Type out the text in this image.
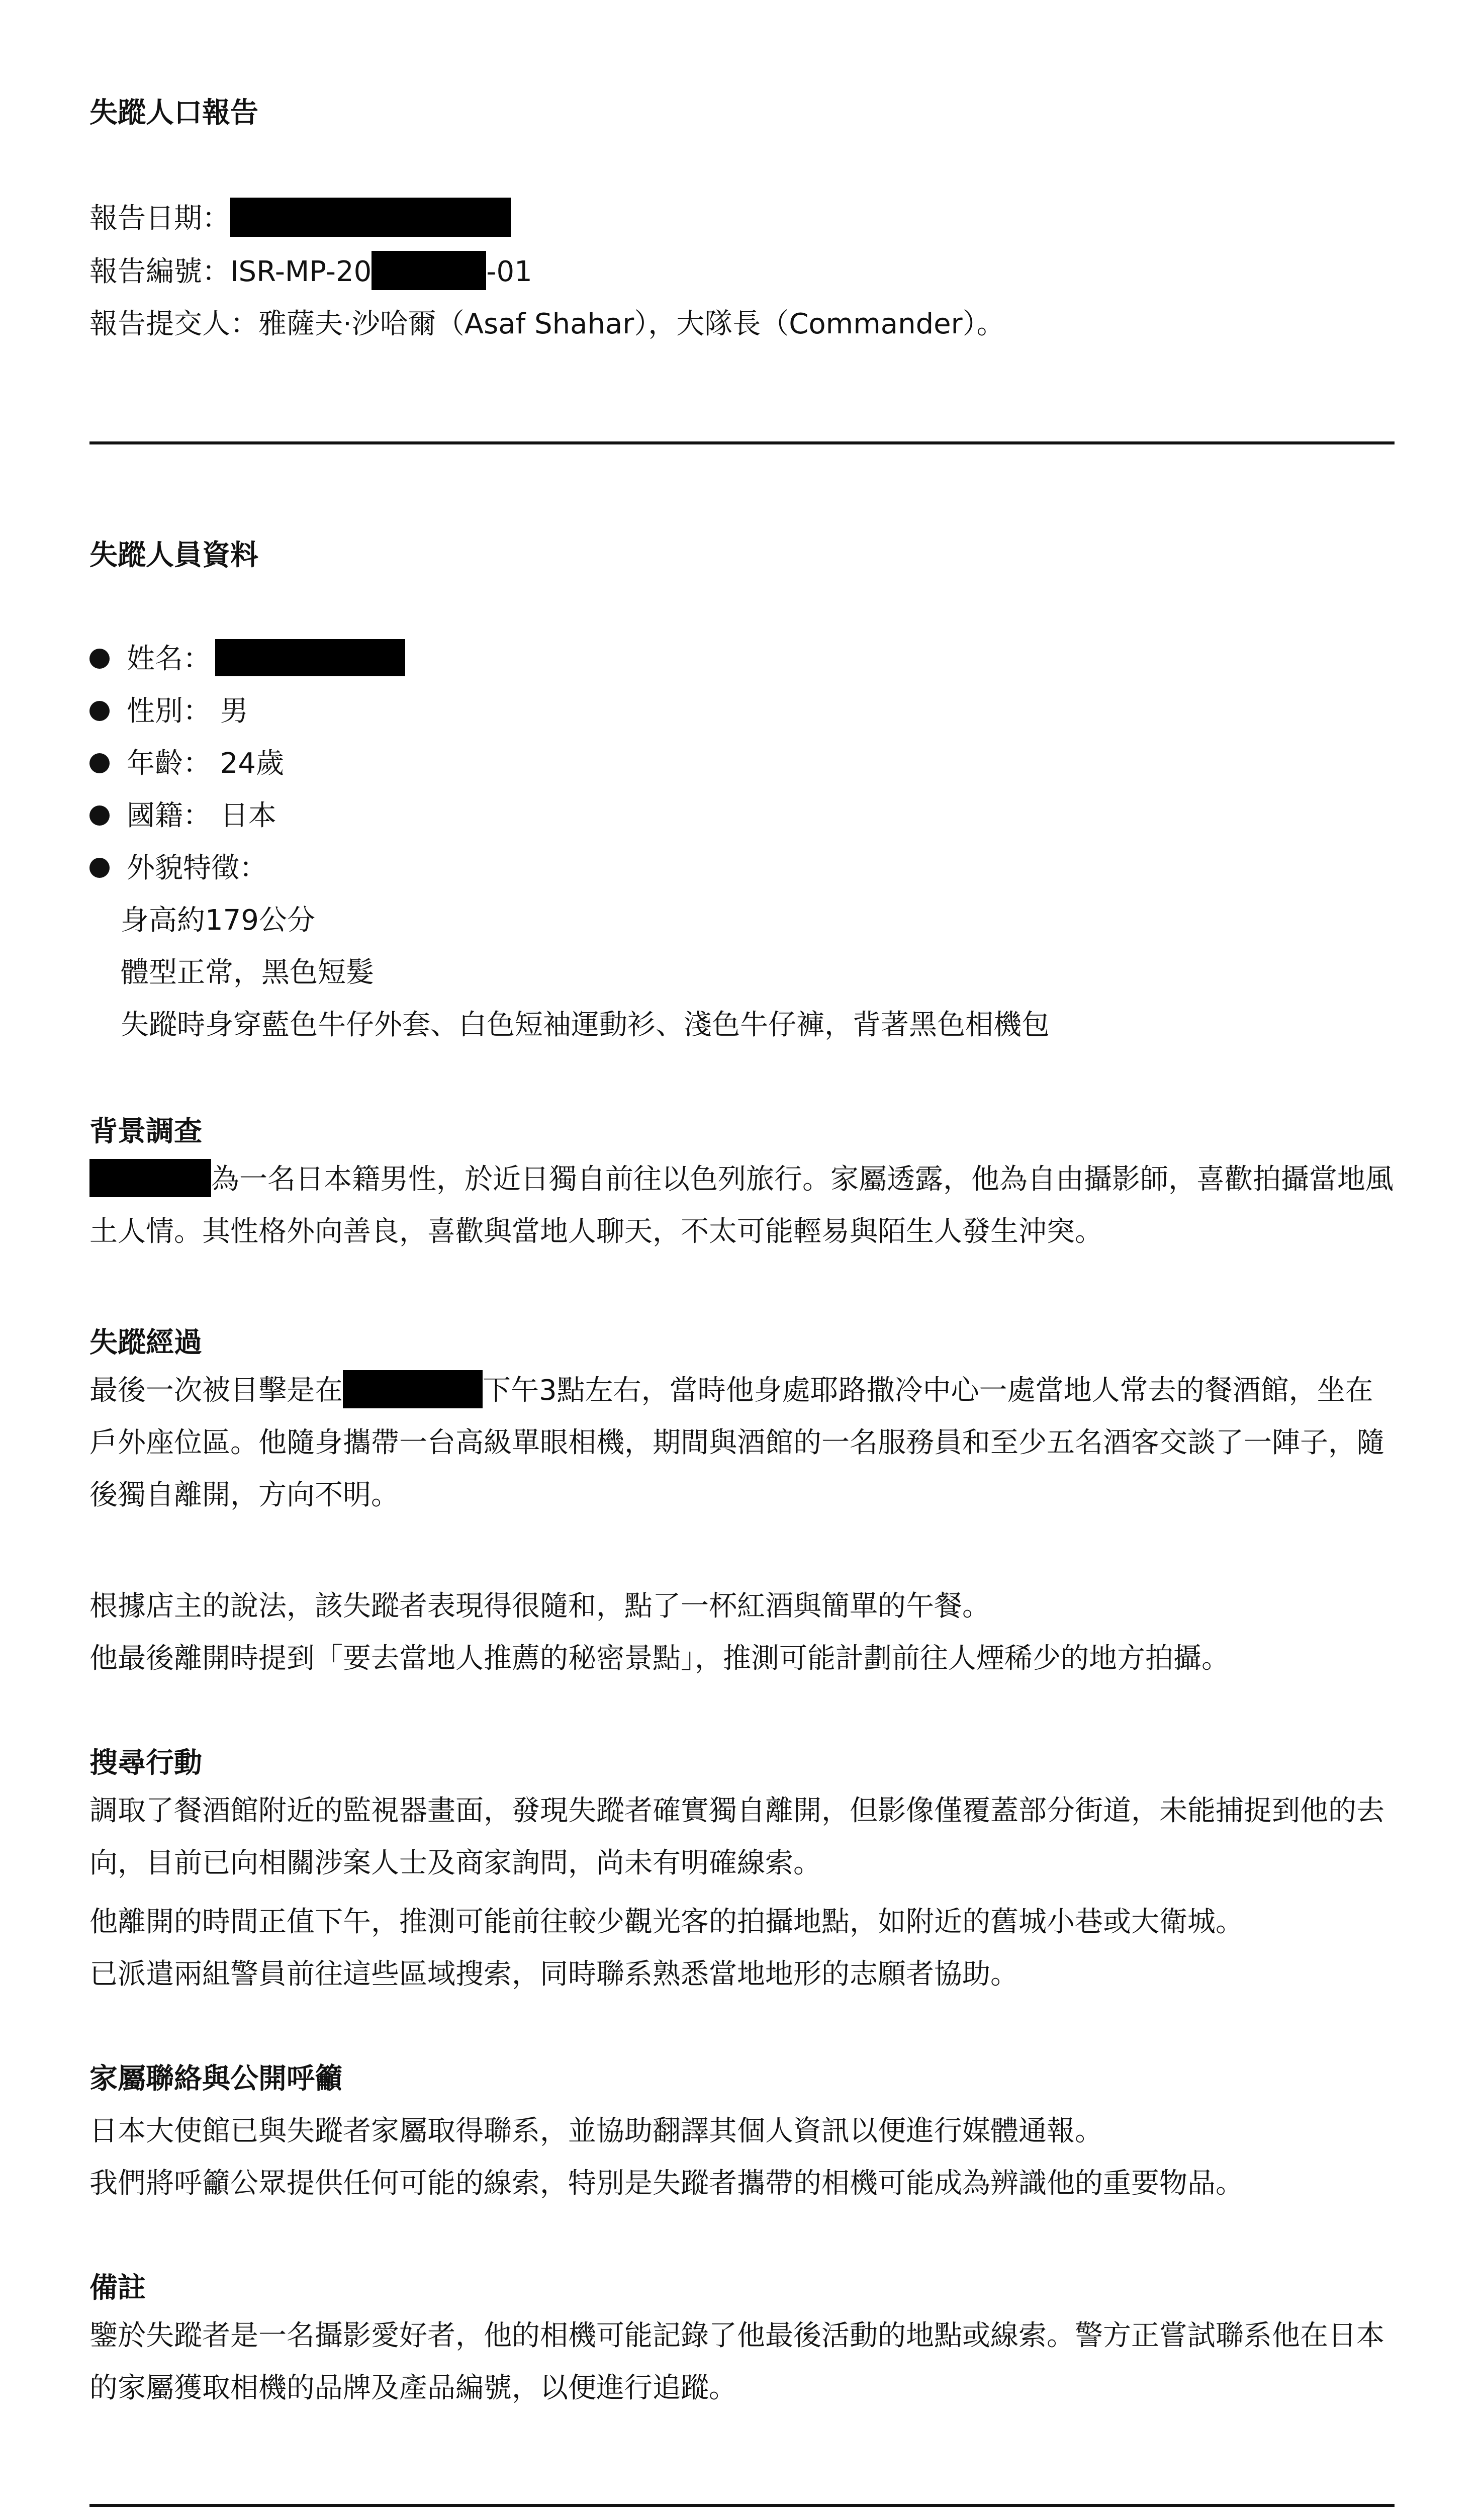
失蹤人口報告
報告日期：
報告編號：ISR-MP-20	-01
報告提交人：雅薩夫·沙哈爾（Asaf Shahar），大隊長（Commander）。
失蹤人員資料
姓名：
性別： 男
年齡： 24歲
國籍： 日本
外貌特徵：
身高約179公分
體型正常，黑色短髮
失蹤時身穿藍色牛仔外套、白色短袖運動衫、淺色牛仔褲，背著黑色相機包
背景調查
為一名日本籍男性，於近日獨自前往以色列旅行。家屬透露，他為自由攝影師，喜歡拍攝當地風土人情。其性格外向善良，喜歡與當地人聊天，不太可能輕易與陌生人發生沖突。
失蹤經過
最後一次被目擊是在	下午3點左右，當時他身處耶路撒冷中心一處當地人常去的餐酒館，坐在戶外座位區。他隨身攜帶一台高級單眼相機，期間與酒館的一名服務員和至少五名酒客交談了一陣子，隨後獨自離開，方向不明。
根據店主的說法，該失蹤者表現得很隨和，點了一杯紅酒與簡單的午餐。
他最後離開時提到「要去當地人推薦的秘密景點」，推測可能計劃前往人煙稀少的地方拍攝。
搜尋行動
調取了餐酒館附近的監視器畫面，發現失蹤者確實獨自離開，但影像僅覆蓋部分街道，未能捕捉到他的去向，目前已向相關涉案人士及商家詢問，尚未有明確線索。
他離開的時間正值下午，推測可能前往較少觀光客的拍攝地點，如附近的舊城小巷或大衛城。
已派遣兩組警員前往這些區域搜索，同時聯系熟悉當地地形的志願者協助。
家屬聯絡與公開呼籲
日本大使館已與失蹤者家屬取得聯系，並協助翻譯其個人資訊以便進行媒體通報。
我們將呼籲公眾提供任何可能的線索，特別是失蹤者攜帶的相機可能成為辨識他的重要物品。
備註
鑒於失蹤者是一名攝影愛好者，他的相機可能記錄了他最後活動的地點或線索。警方正嘗試聯系他在日本的家屬獲取相機的品牌及產品編號，以便進行追蹤。
